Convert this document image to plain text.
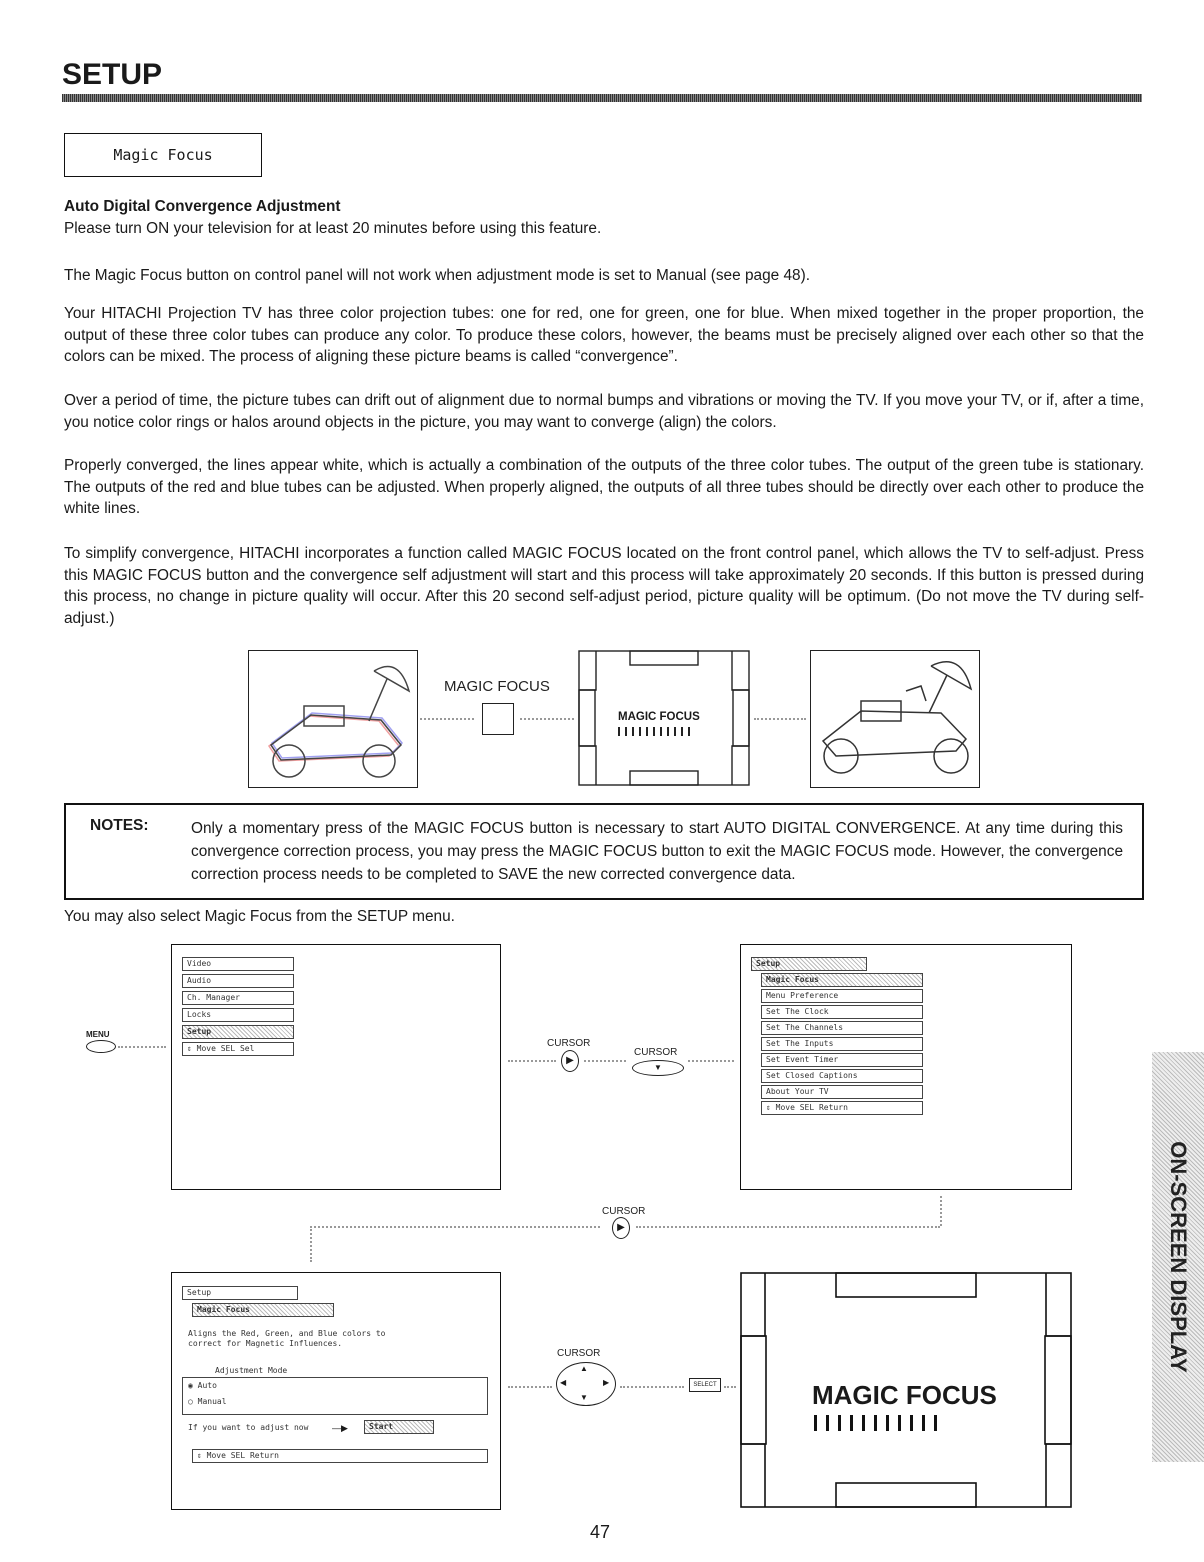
SETUP
Magic Focus

Auto Digital Convergence Adjustment

Please turn ON your television for at least 20 minutes before using this feature.

The Magic Focus button on control panel will not work when adjustment mode is set to Manual (see page 48).
Your HITACHI Projection TV has three color projection tubes: one for red, one for green, one for blue. When mixed together in the proper proportion, the output of these three color tubes can produce any color. To produce these colors, however, the beams must be precisely aligned over each other so that the colors can be mixed. The process of aligning these picture beams is called “convergence”.
Over a period of time, the picture tubes can drift out of alignment due to normal bumps and vibrations or moving the TV. If you move your TV, or if, after a time, you notice color rings or halos around objects in the picture, you may want to converge (align) the colors.
Properly converged, the lines appear white, which is actually a combination of the outputs of the three color tubes. The output of the green tube is stationary. The outputs of the red and blue tubes can be adjusted. When properly aligned, the outputs of all three tubes should be directly over each other to produce the white lines.
To simplify convergence, HITACHI incorporates a function called MAGIC FOCUS located on the front control panel, which allows the TV to self-adjust. Press this MAGIC FOCUS button and the convergence self adjustment will start and this process will take approximately 20 seconds. If this button is pressed during this process, no change in picture quality will occur. After this 20 second self-adjust period, picture quality will be optimum. (Do not move the TV during self-adjust.)
MAGIC FOCUS
MAGIC FOCUS
NOTES:	Only a momentary press of the MAGIC FOCUS button is necessary to start AUTO DIGITAL CONVERGENCE. At any time during this convergence correction process, you may press the MAGIC FOCUS button to exit the MAGIC FOCUS mode. However, the convergence correction process needs to be completed to SAVE the new corrected convergence data.
You may also select Magic Focus from the SETUP menu.
MENU
Video
Audio
Ch. Manager
Locks
Setup
⇕ Move SEL Sel	CURSOR
▶
CURSOR
▼
Setup
Magic Focus
Menu Preference
Set The Clock
Set The Channels
Set The Inputs
Set Event Timer
Set Closed Captions
About Your TV
⇕ Move SEL Return
CURSOR
▶
Setup
Magic Focus
Aligns the Red, Green, and Blue colors to correct for Magnetic Influences.
Adjustment Mode
◉ Auto
○ Manual
If you want to adjust now	—▶	Start
⇕ Move SEL Return
CURSOR
▲
◀	▶
▼
SELECT	MAGIC FOCUS
ON-SCREEN DISPLAY
47
